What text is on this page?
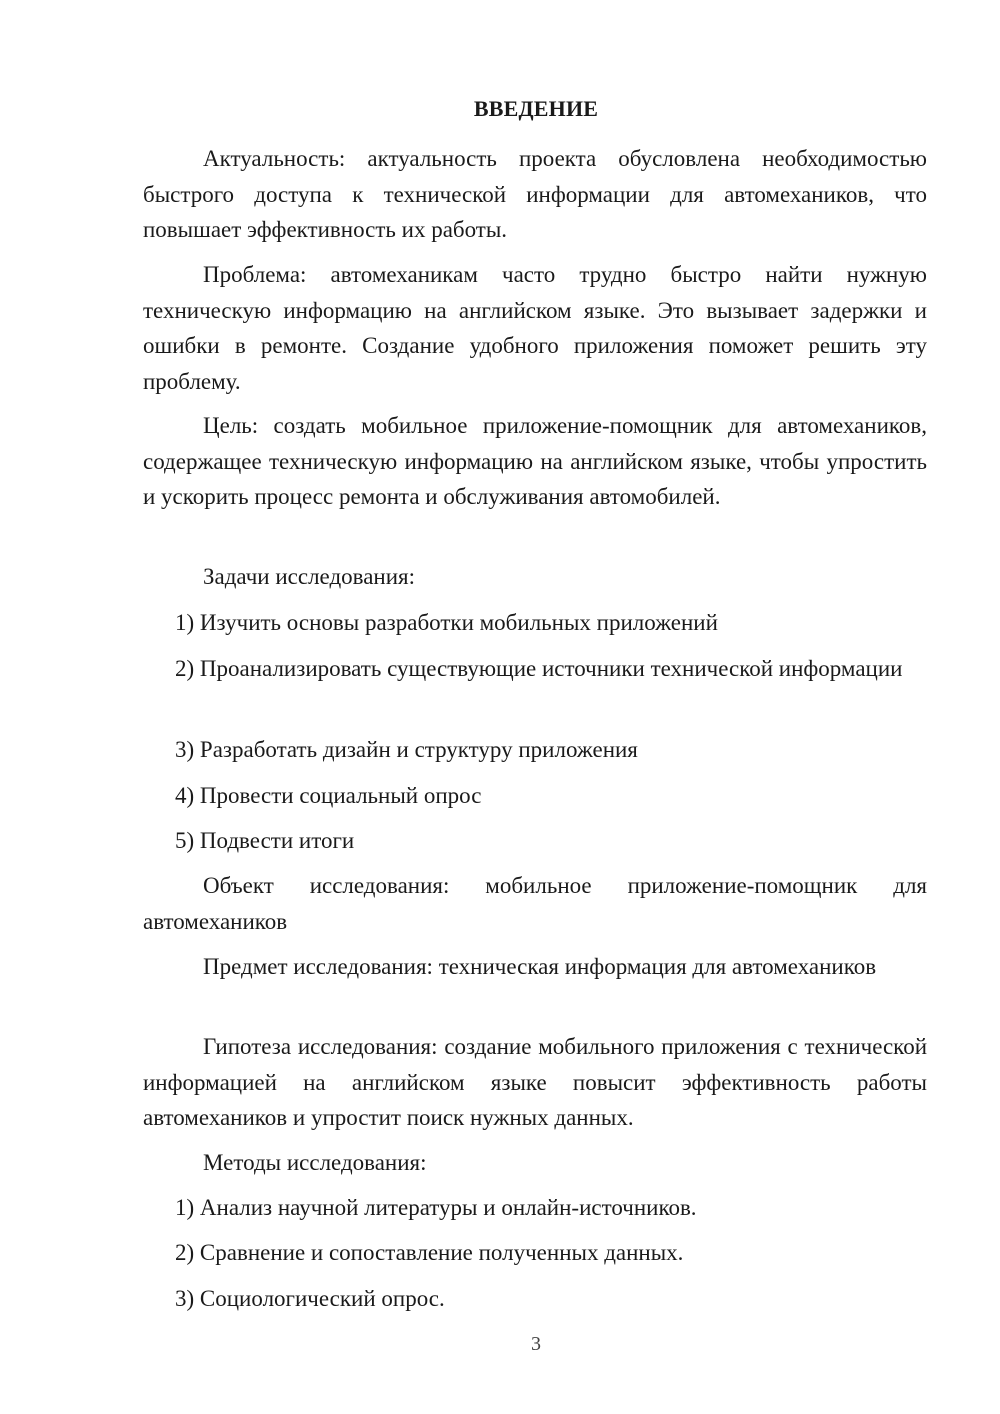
ВВЕДЕНИЕ
Актуальность: актуальность проекта обусловлена необходимостью быстрого доступа к технической информации для автомехаников, что повышает эффективность их работы.
Проблема: автомеханикам часто трудно быстро найти нужную техническую информацию на английском языке. Это вызывает задержки и ошибки в ремонте. Создание удобного приложения поможет решить эту проблему.
Цель: создать мобильное приложение-помощник для автомехаников, содержащее техническую информацию на английском языке, чтобы упростить и ускорить процесс ремонта и обслуживания автомобилей.
Задачи исследования:
1) Изучить основы разработки мобильных приложений
2) Проанализировать существующие источники технической информации
3) Разработать дизайн и структуру приложения
4) Провести социальный опрос
5) Подвести итоги
Объект исследования: мобильное приложение-помощник для автомехаников
Предмет исследования: техническая информация для автомехаников
Гипотеза исследования: создание мобильного приложения с технической информацией на английском языке повысит эффективность работы автомехаников и упростит поиск нужных данных.
Методы исследования:
1) Анализ научной литературы и онлайн-источников.
2) Сравнение и сопоставление полученных данных.
3) Социологический опрос.
3
